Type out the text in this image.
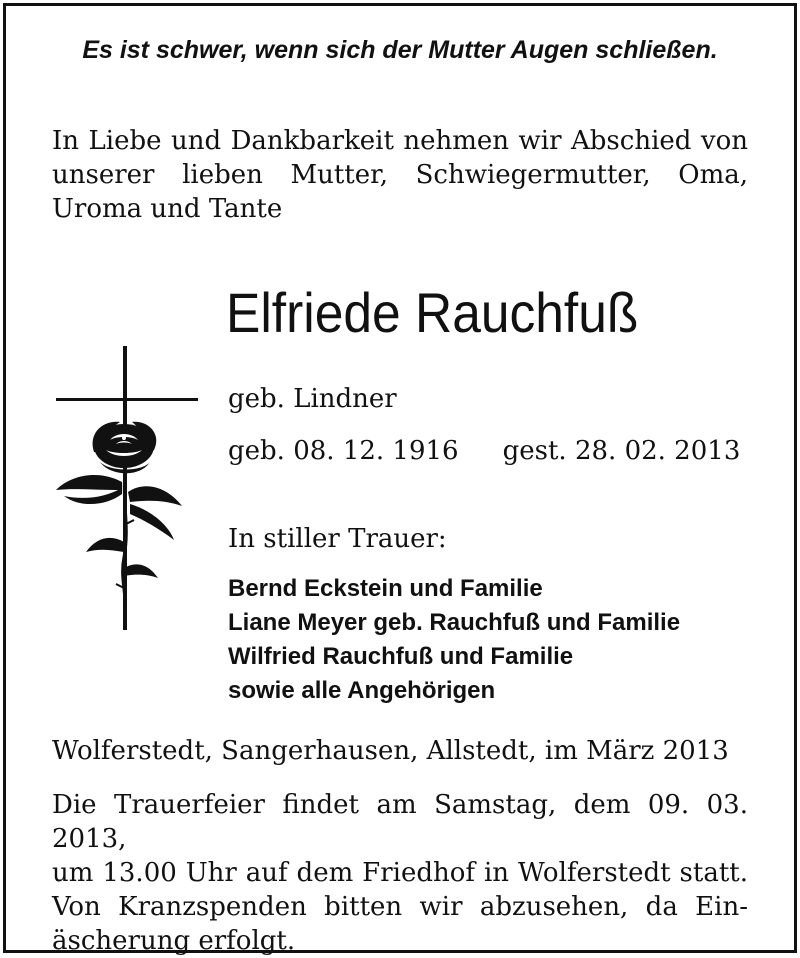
Es ist schwer, wenn sich der Mutter Augen schließen.
In Liebe und Dankbarkeit nehmen wir Abschied von
unserer lieben Mutter, Schwiegermutter, Oma,
Uroma und Tante
Elfriede Rauchfuß
geb. Lindner
geb. 08. 12. 1916 gest. 28. 02. 2013
In stiller Trauer:
Bernd Eckstein und Familie
Liane Meyer geb. Rauchfuß und Familie
Wilfried Rauchfuß und Familie
sowie alle Angehörigen
Wolferstedt, Sangerhausen, Allstedt, im März 2013
Die Trauerfeier findet am Samstag, dem 09. 03. 2013,
um 13.00 Uhr auf dem Friedhof in Wolferstedt statt.
Von Kranzspenden bitten wir abzusehen, da Ein-
äscherung erfolgt.
